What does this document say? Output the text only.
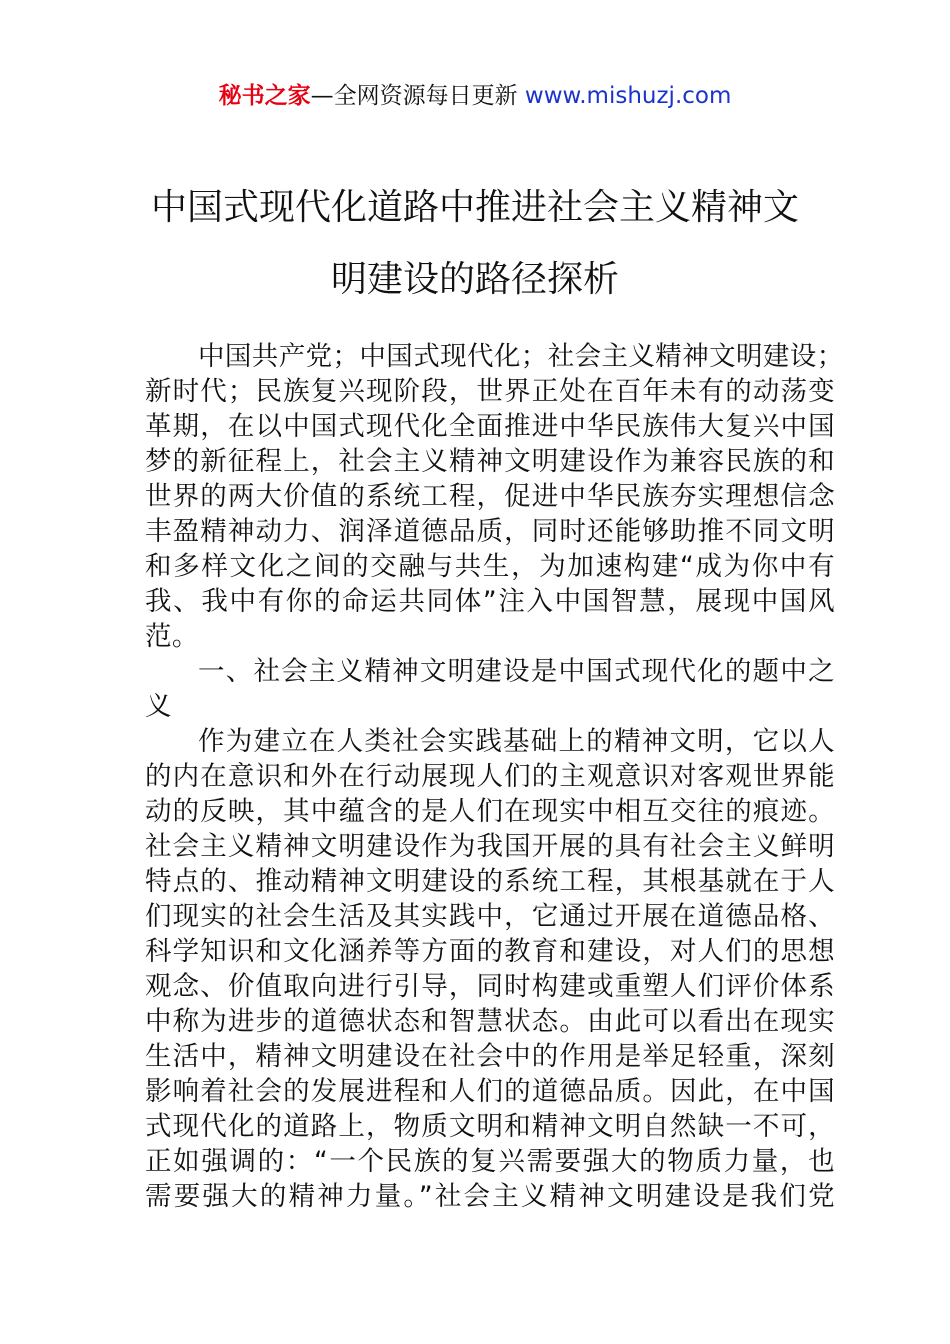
秘书之家—全网资源每日更新 www.mishuzj.com
中国式现代化道路中推进社会主义精神文
明建设的路径探析
中国共产党；中国式现代化；社会主义精神文明建设；
新时代；民族复兴现阶段，世界正处在百年未有的动荡变
革期，在以中国式现代化全面推进中华民族伟大复兴中国
梦的新征程上，社会主义精神文明建设作为兼容民族的和
世界的两大价值的系统工程，促进中华民族夯实理想信念
丰盈精神动力、润泽道德品质，同时还能够助推不同文明
和多样文化之间的交融与共生，为加速构建“成为你中有
我、我中有你的命运共同体”注入中国智慧，展现中国风
范。
一、社会主义精神文明建设是中国式现代化的题中之
义
作为建立在人类社会实践基础上的精神文明，它以人
的内在意识和外在行动展现人们的主观意识对客观世界能
动的反映，其中蕴含的是人们在现实中相互交往的痕迹。
社会主义精神文明建设作为我国开展的具有社会主义鲜明
特点的、推动精神文明建设的系统工程，其根基就在于人
们现实的社会生活及其实践中，它通过开展在道德品格、
科学知识和文化涵养等方面的教育和建设，对人们的思想
观念、价值取向进行引导，同时构建或重塑人们评价体系
中称为进步的道德状态和智慧状态。由此可以看出在现实
生活中，精神文明建设在社会中的作用是举足轻重，深刻
影响着社会的发展进程和人们的道德品质。因此，在中国
式现代化的道路上，物质文明和精神文明自然缺一不可，
正如强调的：“一个民族的复兴需要强大的物质力量，也
需要强大的精神力量。”社会主义精神文明建设是我们党
